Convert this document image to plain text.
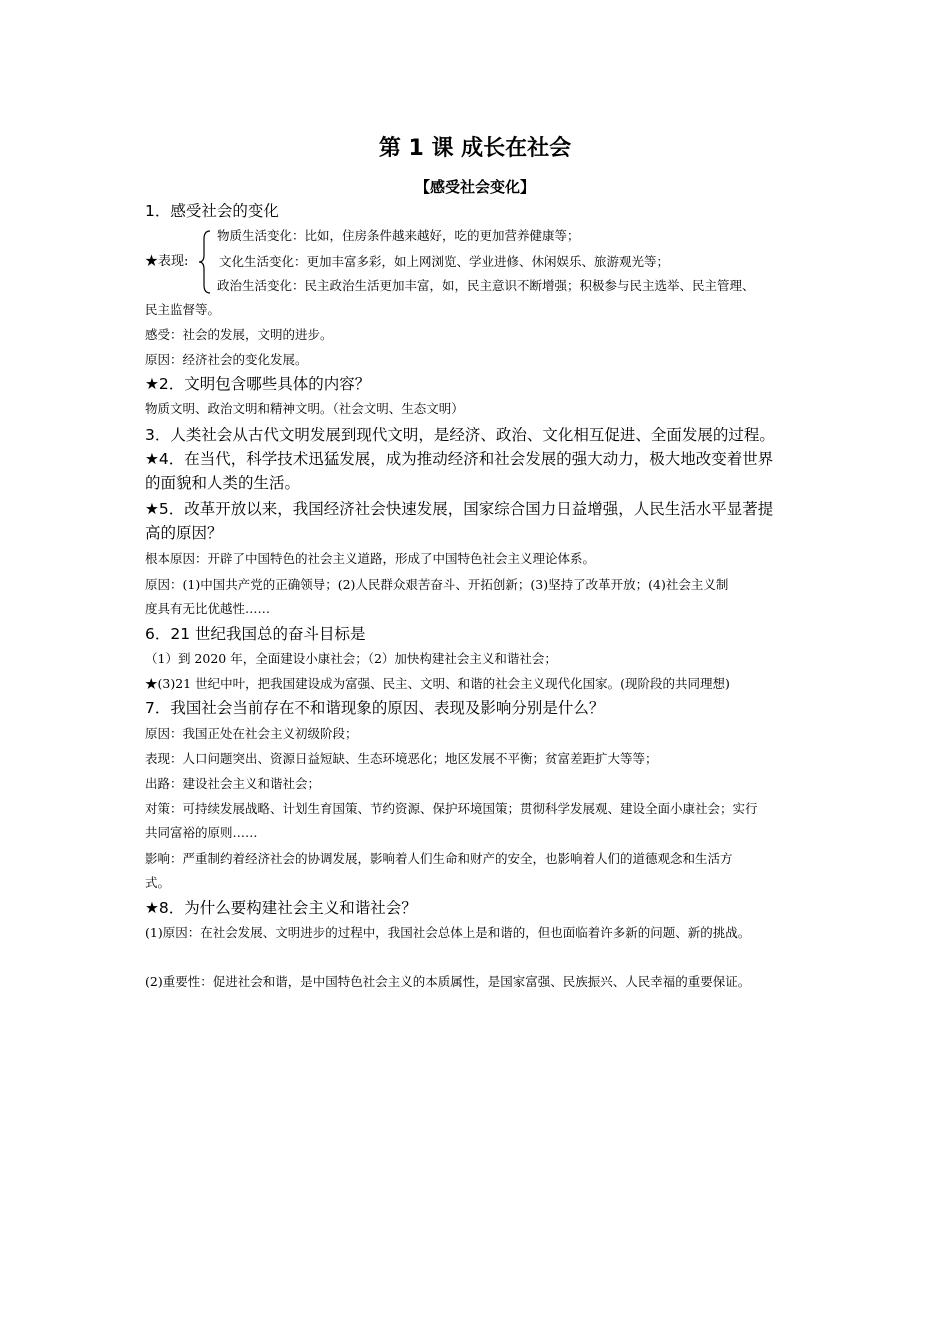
第 1 课 成长在社会
【感受社会变化】
1．感受社会的变化
★表现:
物质生活变化：比如，住房条件越来越好，吃的更加营养健康等；
文化生活变化：更加丰富多彩，如上网浏览、学业进修、休闲娱乐、旅游观光等；
政治生活变化：民主政治生活更加丰富，如，民主意识不断增强；积极参与民主选举、民主管理、
民主监督等。
感受：社会的发展，文明的进步。
原因：经济社会的变化发展。
★2．文明包含哪些具体的内容？
物质文明、政治文明和精神文明。（社会文明、生态文明）
3．人类社会从古代文明发展到现代文明，是经济、政治、文化相互促进、全面发展的过程。
★4．在当代，科学技术迅猛发展，成为推动经济和社会发展的强大动力，极大地改变着世界
的面貌和人类的生活。
★5．改革开放以来，我国经济社会快速发展，国家综合国力日益增强，人民生活水平显著提
高的原因？
根本原因：开辟了中国特色的社会主义道路，形成了中国特色社会主义理论体系。
原因：(1)中国共产党的正确领导；(2)人民群众艰苦奋斗、开拓创新；(3)坚持了改革开放；(4)社会主义制
度具有无比优越性……
6．21 世纪我国总的奋斗目标是
（1）到 2020 年，全面建设小康社会；（2）加快构建社会主义和谐社会；
★(3)21 世纪中叶，把我国建设成为富强、民主、文明、和谐的社会主义现代化国家。(现阶段的共同理想)
7．我国社会当前存在不和谐现象的原因、表现及影响分别是什么？
原因：我国正处在社会主义初级阶段；
表现：人口问题突出、资源日益短缺、生态环境恶化；地区发展不平衡；贫富差距扩大等等；
出路：建设社会主义和谐社会；
对策：可持续发展战略、计划生育国策、节约资源、保护环境国策；贯彻科学发展观、建设全面小康社会；实行
共同富裕的原则……
影响：严重制约着经济社会的协调发展，影响着人们生命和财产的安全，也影响着人们的道德观念和生活方
式。
★8．为什么要构建社会主义和谐社会？
(1)原因：在社会发展、文明进步的过程中，我国社会总体上是和谐的，但也面临着许多新的问题、新的挑战。
(2)重要性：促进社会和谐，是中国特色社会主义的本质属性，是国家富强、民族振兴、人民幸福的重要保证。
